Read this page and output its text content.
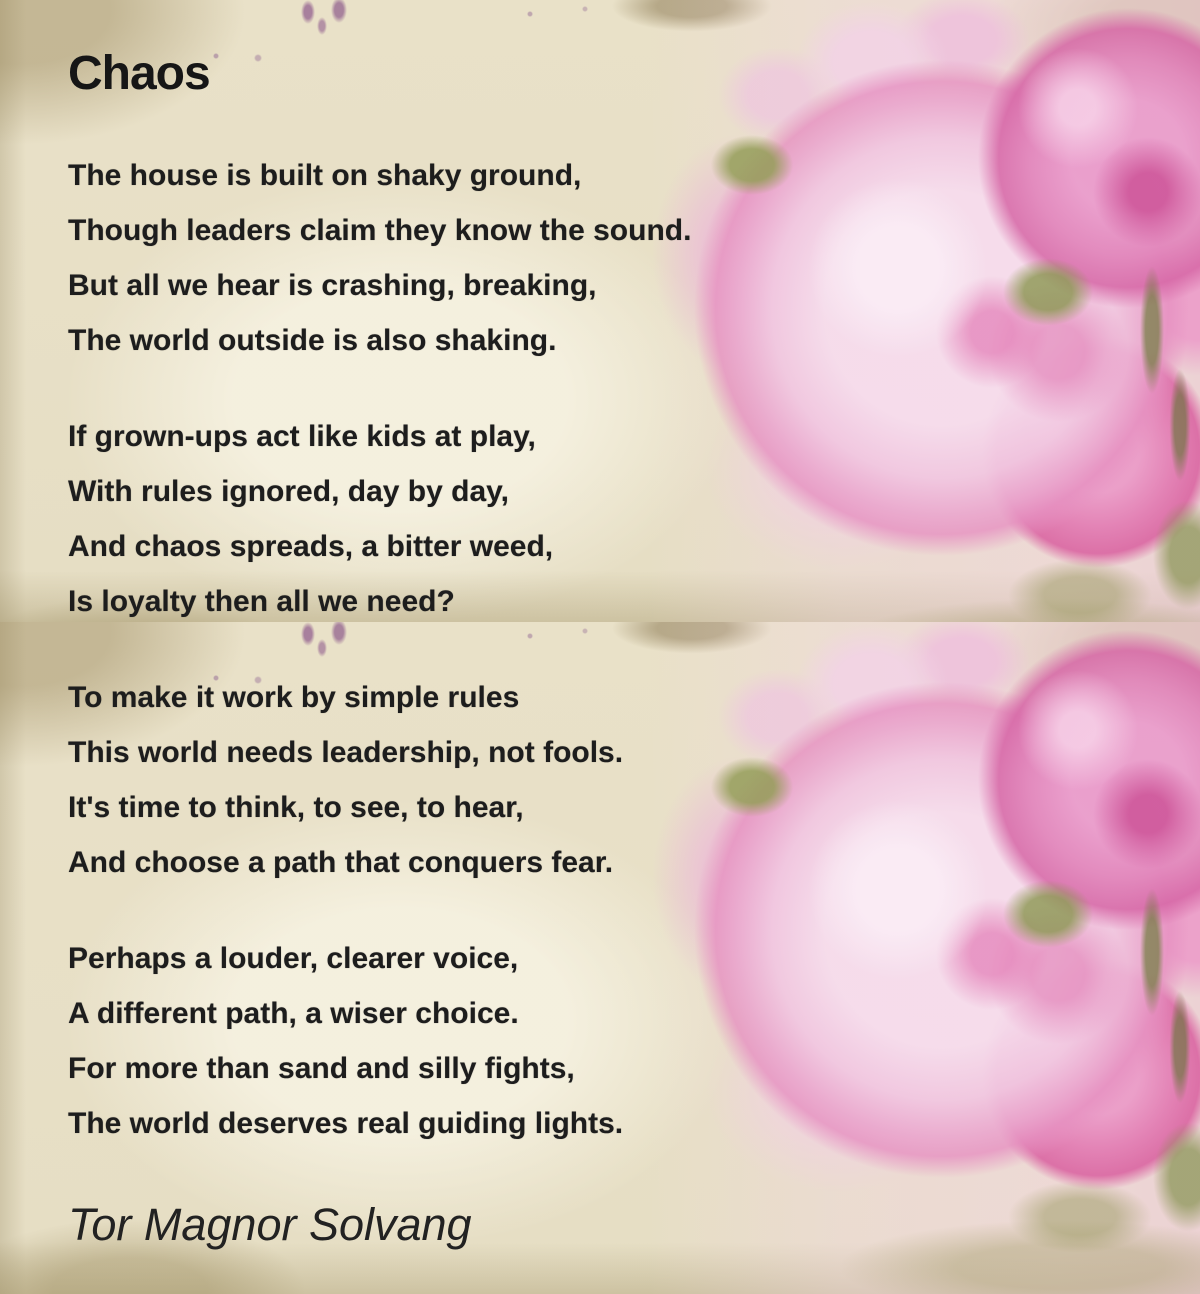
Chaos
The house is built on shaky ground,
Though leaders claim they know the sound.
But all we hear is crashing, breaking,
The world outside is also shaking.
If grown-ups act like kids at play,
With rules ignored, day by day,
And chaos spreads, a bitter weed,
Is loyalty then all we need?
To make it work by simple rules
This world needs leadership, not fools.
It's time to think, to see, to hear,
And choose a path that conquers fear.
Perhaps a louder, clearer voice,
A different path, a wiser choice.
For more than sand and silly fights,
The world deserves real guiding lights.
Tor Magnor Solvang
